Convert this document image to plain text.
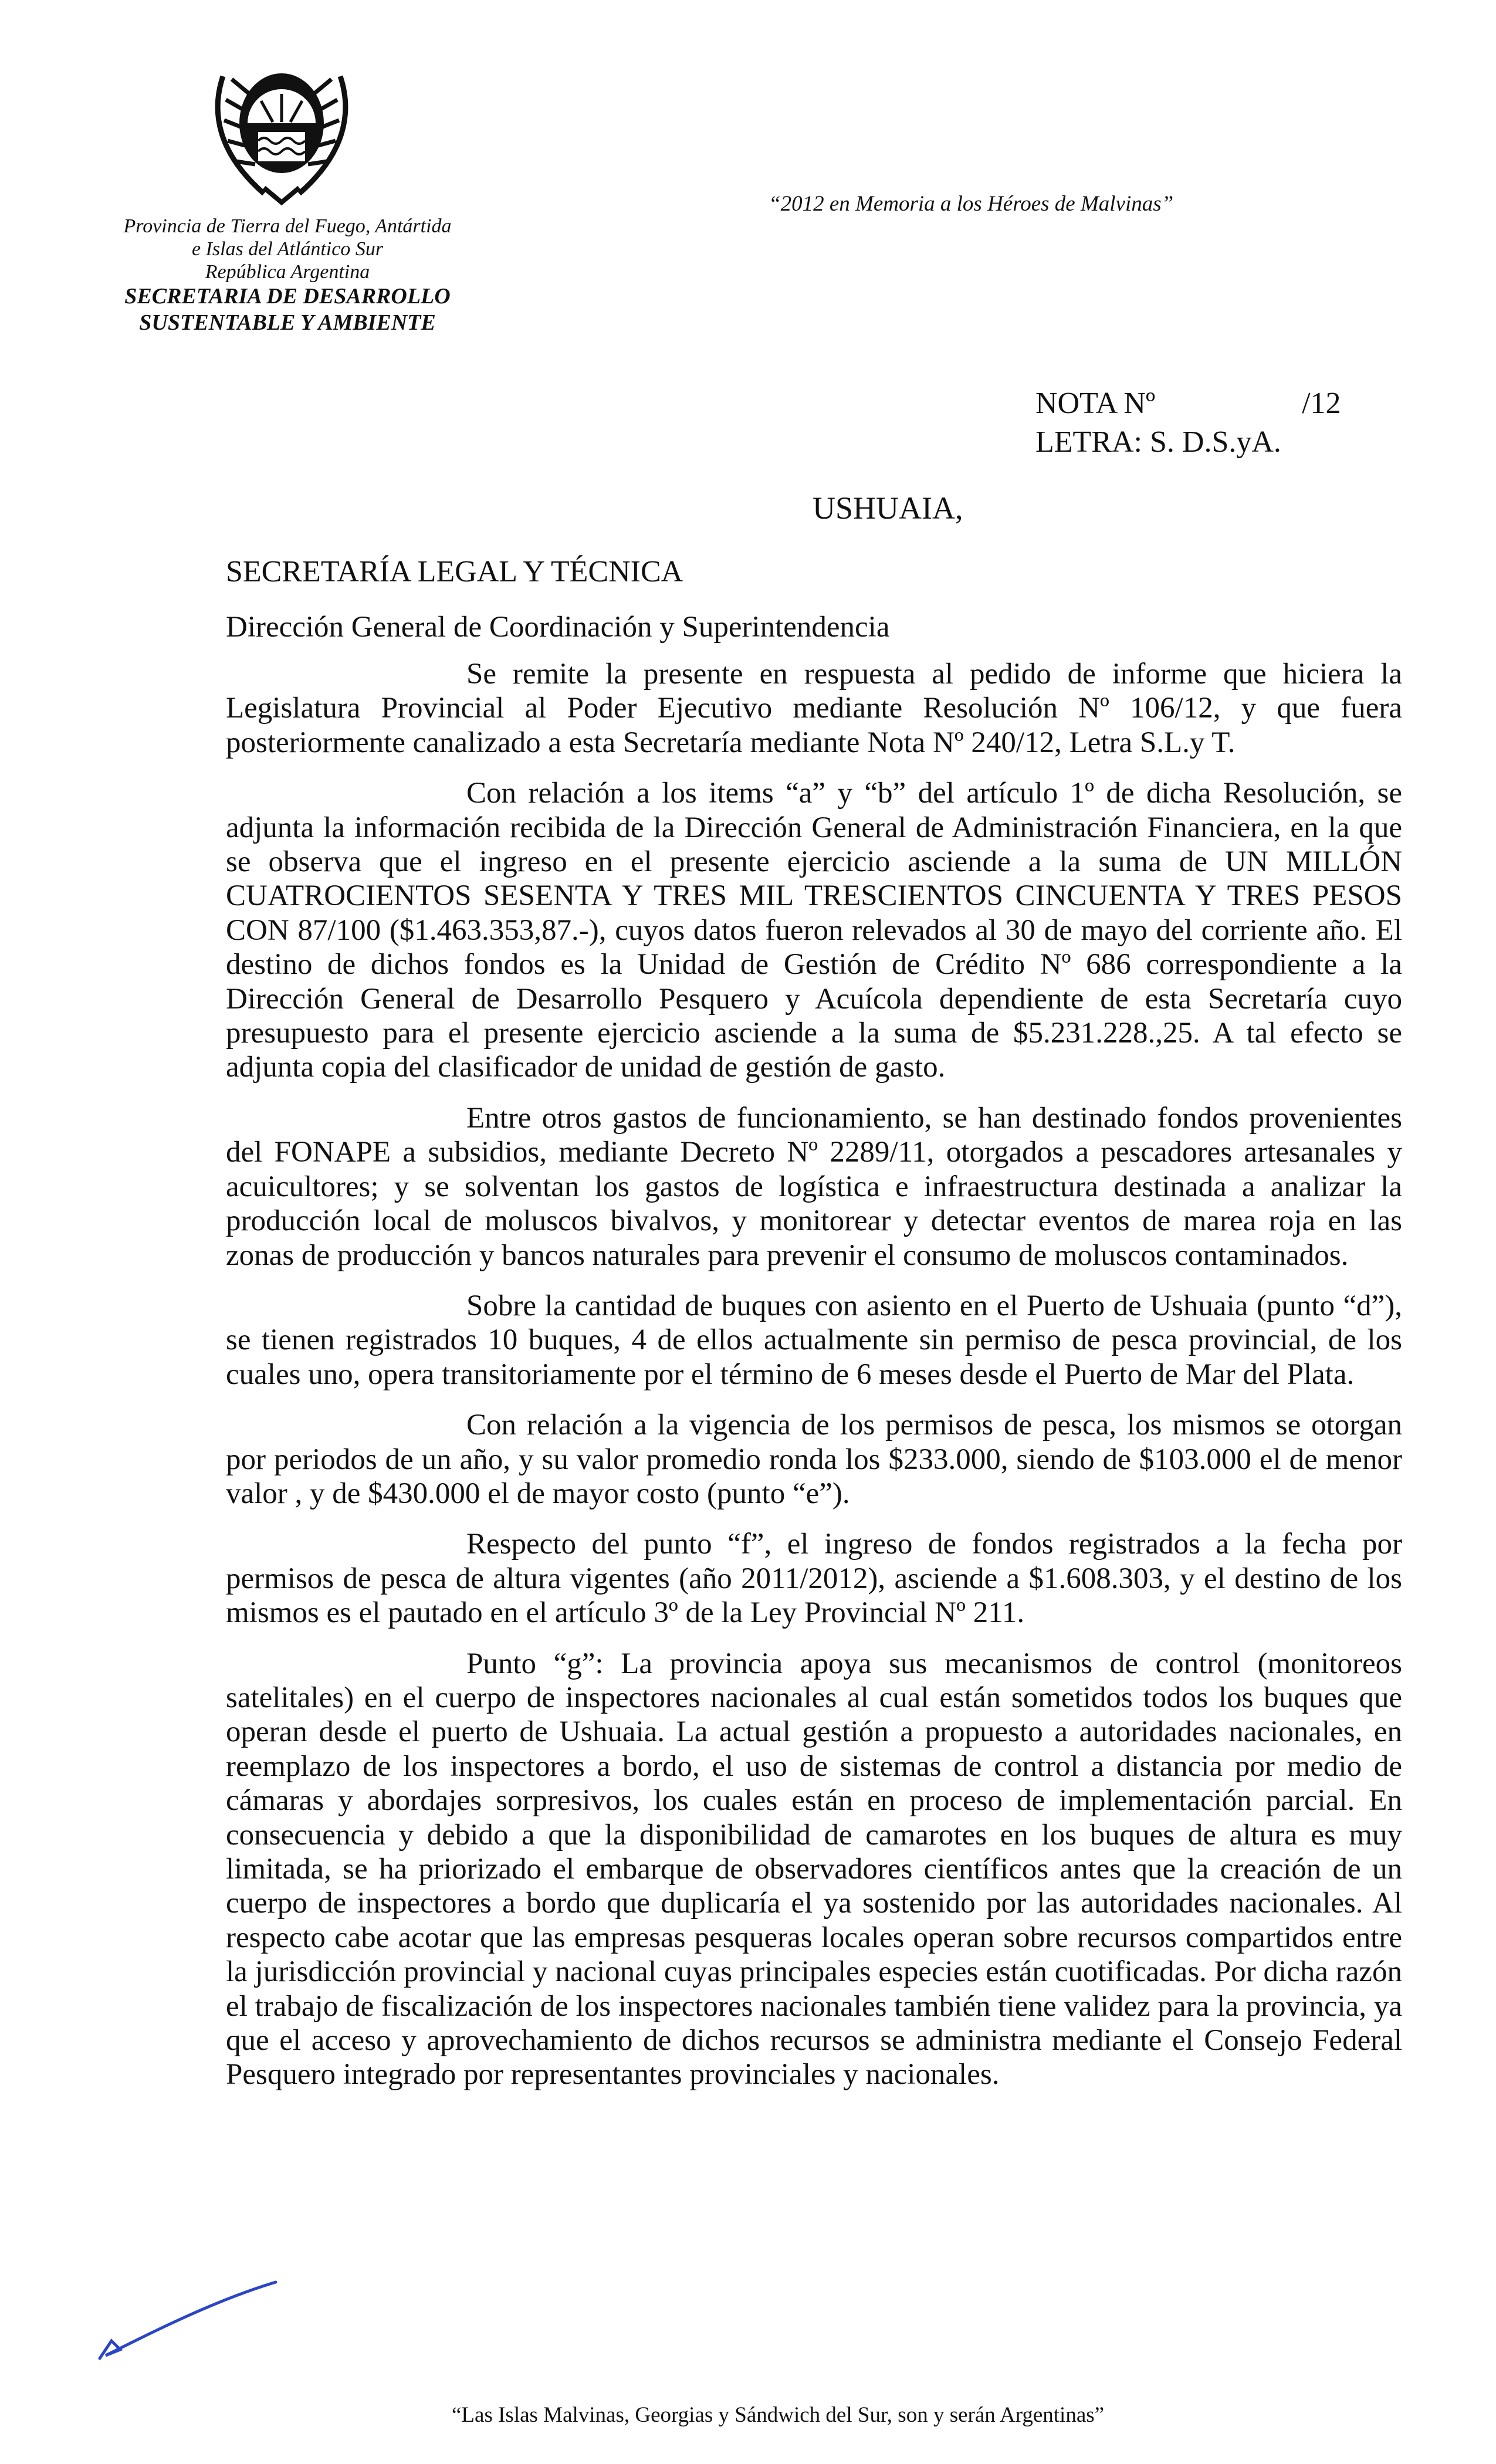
Provincia de Tierra del Fuego, Antártida
e Islas del Atlántico Sur
República Argentina
SECRETARIA DE DESARROLLO
SUSTENTABLE Y AMBIENTE
“2012 en Memoria a los Héroes de Malvinas”
NOTA Nº	/12
LETRA: S. D.S.yA.
USHUAIA,
SECRETARÍA LEGAL Y TÉCNICA
Dirección General de Coordinación y Superintendencia

Se remite la presente en respuesta al pedido de informe que hiciera la Legislatura Provincial al Poder Ejecutivo mediante Resolución Nº 106/12, y que fuera posteriormente canalizado a esta Secretaría mediante Nota Nº 240/12, Letra S.L.y T.

Con relación a los items “a” y “b” del artículo 1º de dicha Resolución, se adjunta la información recibida de la Dirección General de Administración Financiera, en la que se observa que el ingreso en el presente ejercicio asciende a la suma de UN MILLÓN CUATROCIENTOS SESENTA Y TRES MIL TRESCIENTOS CINCUENTA Y TRES PESOS CON 87/100 ($1.463.353,87.-), cuyos datos fueron relevados al 30 de mayo del corriente año. El destino de dichos fondos es la Unidad de Gestión de Crédito Nº 686 correspondiente a la Dirección General de Desarrollo Pesquero y Acuícola dependiente de esta Secretaría cuyo presupuesto para el presente ejercicio asciende a la suma de $5.231.228.,25. A tal efecto se adjunta copia del clasificador de unidad de gestión de gasto.

Entre otros gastos de funcionamiento, se han destinado fondos provenientes del FONAPE a subsidios, mediante Decreto Nº 2289/11, otorgados a pescadores artesanales y acuicultores; y se solventan los gastos de logística e infraestructura destinada a analizar la producción local de moluscos bivalvos, y monitorear y detectar eventos de marea roja en las zonas de producción y bancos naturales para prevenir el consumo de moluscos contaminados.

Sobre la cantidad de buques con asiento en el Puerto de Ushuaia (punto “d”), se tienen registrados 10 buques, 4 de ellos actualmente sin permiso de pesca provincial, de los cuales uno, opera transitoriamente por el término de 6 meses desde el Puerto de Mar del Plata.

Con relación a la vigencia de los permisos de pesca, los mismos se otorgan por periodos de un año, y su valor promedio ronda los $233.000, siendo de $103.000 el de menor valor , y de $430.000 el de mayor costo (punto “e”).

Respecto del punto “f”, el ingreso de fondos registrados a la fecha por permisos de pesca de altura vigentes (año 2011/2012), asciende a $1.608.303, y el destino de los mismos es el pautado en el artículo 3º de la Ley Provincial Nº 211.

Punto “g”: La provincia apoya sus mecanismos de control (monitoreos satelitales) en el cuerpo de inspectores nacionales al cual están sometidos todos los buques que operan desde el puerto de Ushuaia. La actual gestión a propuesto a autoridades nacionales, en reemplazo de los inspectores a bordo, el uso de sistemas de control a distancia por medio de cámaras y abordajes sorpresivos, los cuales están en proceso de implementación parcial. En consecuencia y debido a que la disponibilidad de camarotes en los buques de altura es muy limitada, se ha priorizado el embarque de observadores científicos antes que la creación de un cuerpo de inspectores a bordo que duplicaría el ya sostenido por las autoridades nacionales. Al respecto cabe acotar que las empresas pesqueras locales operan sobre recursos compartidos entre la jurisdicción provincial y nacional cuyas principales especies están cuotificadas. Por dicha razón el trabajo de fiscalización de los inspectores nacionales también tiene validez para la provincia, ya que el acceso y aprovechamiento de dichos recursos se administra mediante el Consejo Federal Pesquero integrado por representantes provinciales y nacionales.

“Las Islas Malvinas, Georgias y Sándwich del Sur, son y serán Argentinas”
